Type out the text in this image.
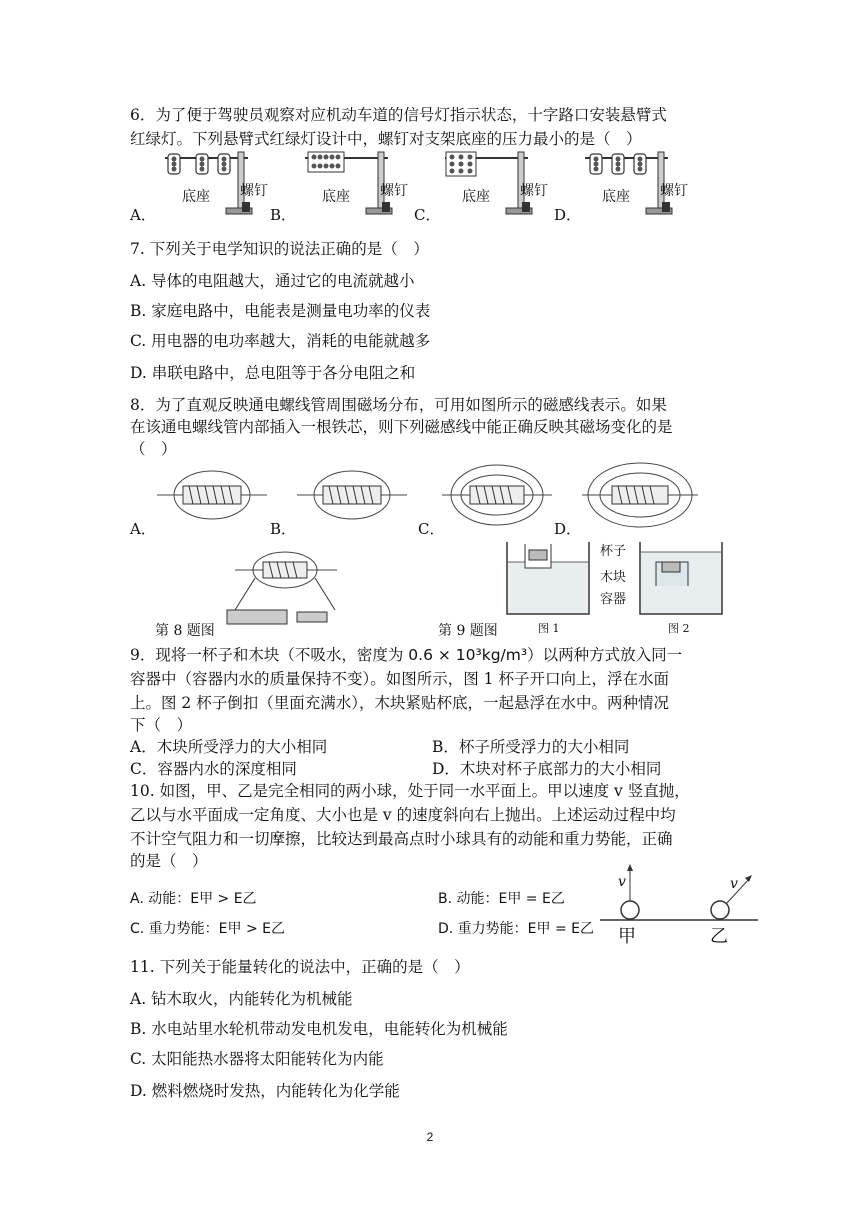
6．为了便于驾驶员观察对应机动车道的信号灯指示状态，十字路口安装悬臂式
红绿灯。下列悬臂式红绿灯设计中，螺钉对支架底座的压力最小的是（　）
底座 螺钉	底座 螺钉	底座 螺钉	底座 螺钉
A．	B．	C．	D．
7. 下列关于电学知识的说法正确的是（　）
A. 导体的电阻越大，通过它的电流就越小
B. 家庭电路中，电能表是测量电功率的仪表
C. 用电器的电功率越大，消耗的电能就越多
D. 串联电路中，总电阻等于各分电阻之和
8．为了直观反映通电螺线管周围磁场分布，可用如图所示的磁感线表示。如果
在该通电螺线管内部插入一根铁芯，则下列磁感线中能正确反映其磁场变化的是
（　）
A．	B．	C．	D．
第 8 题图
杯子
木块
容器
图 1	图 2
第 9 题图
9．现将一杯子和木块（不吸水，密度为 0.6 × 10³kg/m³）以两种方式放入同一
容器中（容器内水的质量保持不变）。如图所示，图 1 杯子开口向上，浮在水面
上。图 2 杯子倒扣（里面充满水），木块紧贴杯底，一起悬浮在水中。两种情况
下（　）
A．木块所受浮力的大小相同	B．杯子所受浮力的大小相同
C．容器内水的深度相同	D．木块对杯子底部力的大小相同
10. 如图，甲、乙是完全相同的两小球，处于同一水平面上。甲以速度 v 竖直抛，
乙以与水平面成一定角度、大小也是 v 的速度斜向右上抛出。上述运动过程中均
不计空气阻力和一切摩擦，比较达到最高点时小球具有的动能和重力势能，正确
的是（　）
A. 动能：E甲 > E乙	B. 动能：E甲 = E乙
C. 重力势能：E甲 > E乙	D. 重力势能：E甲 = E乙
v	v
甲	乙
11. 下列关于能量转化的说法中，正确的是（　）
A. 钻木取火，内能转化为机械能
B. 水电站里水轮机带动发电机发电，电能转化为机械能
C. 太阳能热水器将太阳能转化为内能
D. 燃料燃烧时发热，内能转化为化学能
2
